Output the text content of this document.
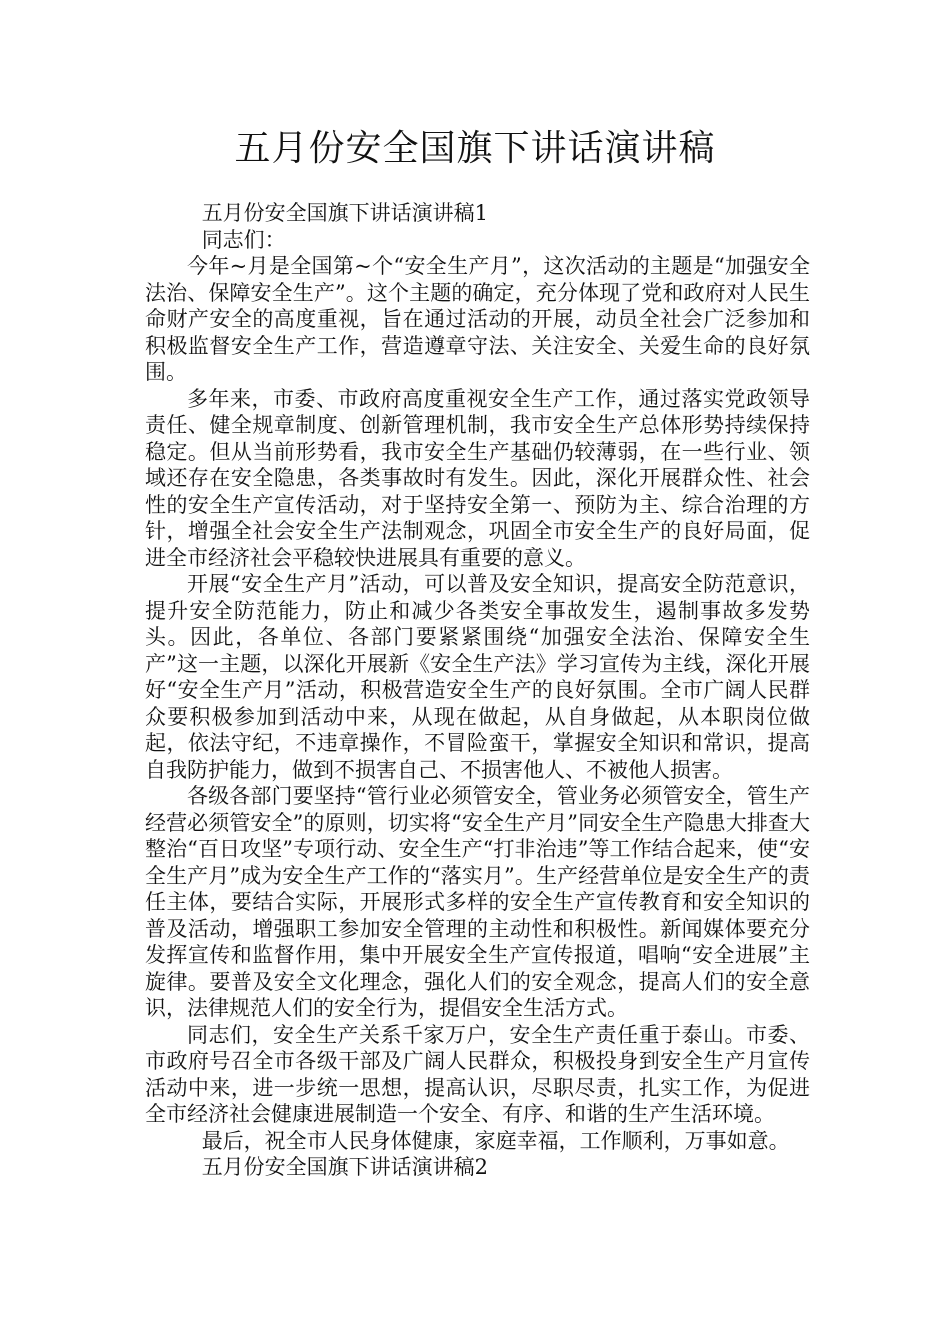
五月份安全国旗下讲话演讲稿

五月份安全国旗下讲话演讲稿1

同志们：

今年~月是全国第~个“安全生产月”，这次活动的主题是“加强安全法治、保障安全生产”。这个主题的确定，充分体现了党和政府对人民生命财产安全的高度重视，旨在通过活动的开展，动员全社会广泛参加和积极监督安全生产工作，营造遵章守法、关注安全、关爱生命的良好氛围。

多年来，市委、市政府高度重视安全生产工作，通过落实党政领导责任、健全规章制度、创新管理机制，我市安全生产总体形势持续保持稳定。但从当前形势看，我市安全生产基础仍较薄弱，在一些行业、领域还存在安全隐患，各类事故时有发生。因此，深化开展群众性、社会性的安全生产宣传活动，对于坚持安全第一、预防为主、综合治理的方针，增强全社会安全生产法制观念，巩固全市安全生产的良好局面，促进全市经济社会平稳较快进展具有重要的意义。

开展“安全生产月”活动，可以普及安全知识，提高安全防范意识，提升安全防范能力，防止和减少各类安全事故发生，遏制事故多发势头。因此，各单位、各部门要紧紧围绕“加强安全法治、保障安全生产”这一主题，以深化开展新《安全生产法》学习宣传为主线，深化开展好“安全生产月”活动，积极营造安全生产的良好氛围。全市广阔人民群众要积极参加到活动中来，从现在做起，从自身做起，从本职岗位做起，依法守纪，不违章操作，不冒险蛮干，掌握安全知识和常识，提高自我防护能力，做到不损害自己、不损害他人、不被他人损害。

各级各部门要坚持“管行业必须管安全，管业务必须管安全，管生产经营必须管安全”的原则，切实将“安全生产月”同安全生产隐患大排查大整治“百日攻坚”专项行动、安全生产“打非治违”等工作结合起来，使“安全生产月”成为安全生产工作的“落实月”。生产经营单位是安全生产的责任主体，要结合实际，开展形式多样的安全生产宣传教育和安全知识的普及活动，增强职工参加安全管理的主动性和积极性。新闻媒体要充分发挥宣传和监督作用，集中开展安全生产宣传报道，唱响“安全进展”主旋律。要普及安全文化理念，强化人们的安全观念，提高人们的安全意识，法律规范人们的安全行为，提倡安全生活方式。

同志们，安全生产关系千家万户，安全生产责任重于泰山。市委、市政府号召全市各级干部及广阔人民群众，积极投身到安全生产月宣传活动中来，进一步统一思想，提高认识，尽职尽责，扎实工作，为促进全市经济社会健康进展制造一个安全、有序、和谐的生产生活环境。

最后，祝全市人民身体健康，家庭幸福，工作顺利，万事如意。

五月份安全国旗下讲话演讲稿2
